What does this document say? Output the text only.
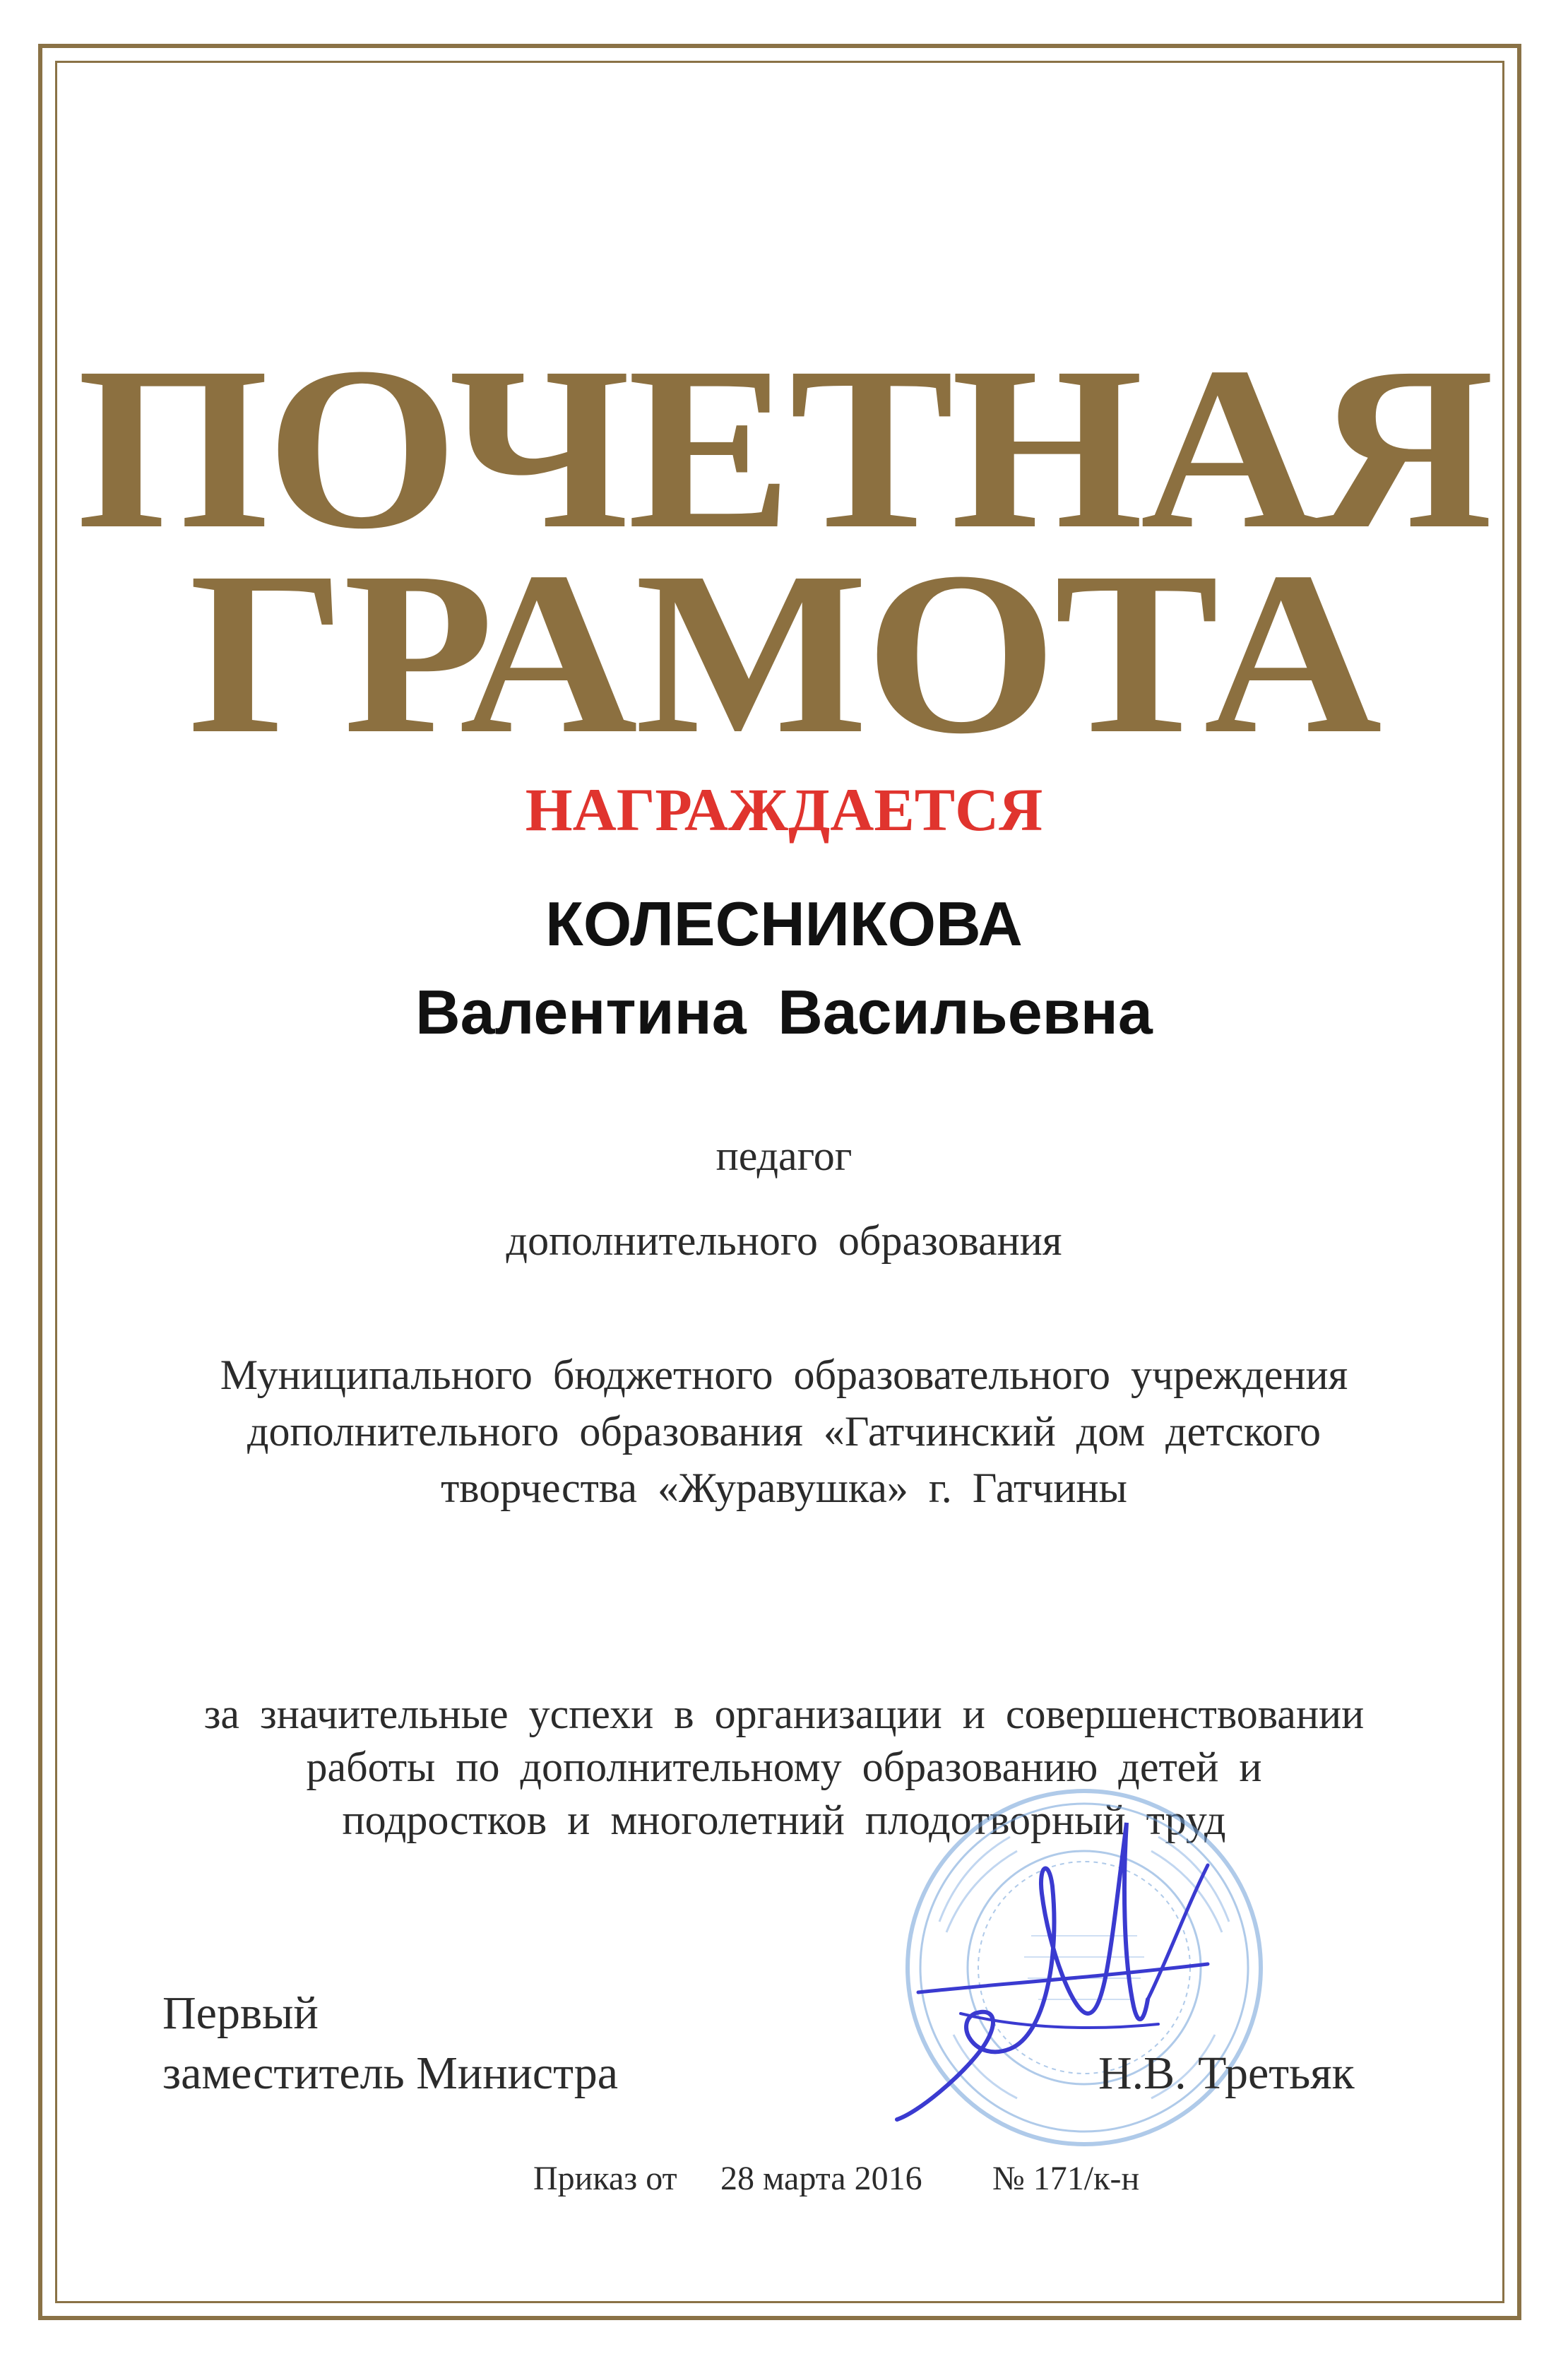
ПОЧЕТНАЯ
ГРАМОТА
НАГРАЖДАЕТСЯ
КОЛЕСНИКОВА
Валентина Васильевна
педагог
дополнительного образования
Муниципального бюджетного образовательного учреждения
дополнительного образования «Гатчинский дом детского
творчества «Журавушка» г. Гатчины
за значительные успехи в организации и совершенствовании
работы по дополнительному образованию детей и
подростков и многолетний плодотворный труд
Первый
заместитель Министра	Н.В. Третьяк
Приказ от 28 марта 2016 № 171/к-н
